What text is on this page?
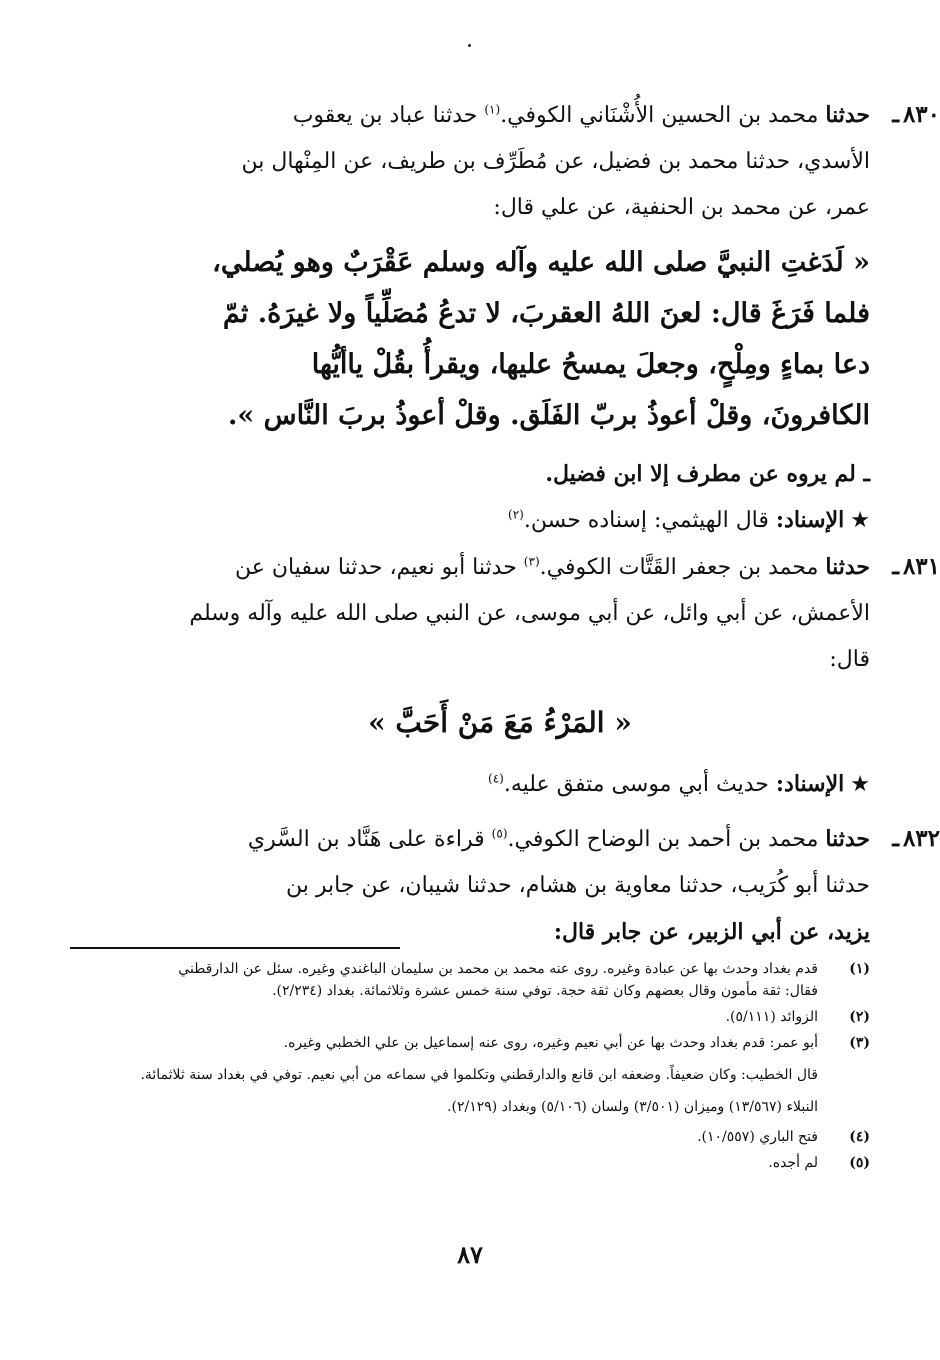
٨٣٠ـ

حدثنا محمد بن الحسين الأُشْنَاني الكوفي.$^{(١)}$ حدثنا عباد بن يعقوب

الأسدي، حدثنا محمد بن فضيل، عن مُطَرِّف بن طريف، عن المِنْهال بن

عمر، عن محمد بن الحنفية، عن علي قال:

« لَدَغتِ النبيَّ صلى الله عليه وآله وسلم عَقْرَبٌ وهو يُصلي،

فلما فَرَغَ قال: لعنَ اللهُ العقربَ، لا تدعُ مُصَلِّياً ولا غيرَهُ. ثمّ

دعا بماءٍ ومِلْحٍ، وجعلَ يمسحُ عليها، ويقرأُ بقُلْ ياأيُّها

الكافرونَ، وقلْ أعوذُ بربّ الفَلَق. وقلْ أعوذُ بربَ النَّاس ».

ـ لم يروه عن مطرف إلا ابن فضيل.

★الإسناد: قال الهيثمي: إسناده حسن.$^{(٢)}$

٨٣١ـ

حدثنا محمد بن جعفر القَتَّات الكوفي.$^{(٣)}$ حدثنا أبو نعيم، حدثنا سفيان عن

الأعمش، عن أبي وائل، عن أبي موسى، عن النبي صلى الله عليه وآله وسلم

قال:

« المَرْءُ مَعَ مَنْ أَحَبَّ »

★الإسناد: حديث أبي موسى متفق عليه.$^{(٤)}$

٨٣٢ـ

حدثنا محمد بن أحمد بن الوضاح الكوفي.$^{(٥)}$ قراءة على هَنَّاد بن السَّري

حدثنا أبو كُرَيب، حدثنا معاوية بن هشام، حدثنا شيبان، عن جابر بن

يزيد، عن أبي الزبير، عن جابر قال:

(١)

قدم بغداد وحدث بها عن عبادة وغيره. روى عنه محمد بن محمد بن سليمان الباغندي وغيره. سئل عن الدارقطني

فقال: ثقة مأمون وقال بعضهم وكان ثقة حجة. توفي سنة خمس عشرة وثلاثمائة. بغداد (٢/٢٣٤).

(٢)

الزوائد (٥/١١١).

(٣)

أبو عمر: قدم بغداد وحدث بها عن أبي نعيم وغيره، روى عنه إسماعيل بن علي الخطبي وغيره.

قال الخطيب: وكان ضعيفاً. وضعفه ابن قانع والدارقطني وتكلموا في سماعه من أبي نعيم. توفي في بغداد سنة ثلاثمائة.

النبلاء (١٣/٥٦٧) وميزان (٣/٥٠١) ولسان (٥/١٠٦) وبغداد (٢/١٢٩).

(٤)

فتح الباري (١٠/٥٥٧).

(٥)

لم أجده.

٨٧
